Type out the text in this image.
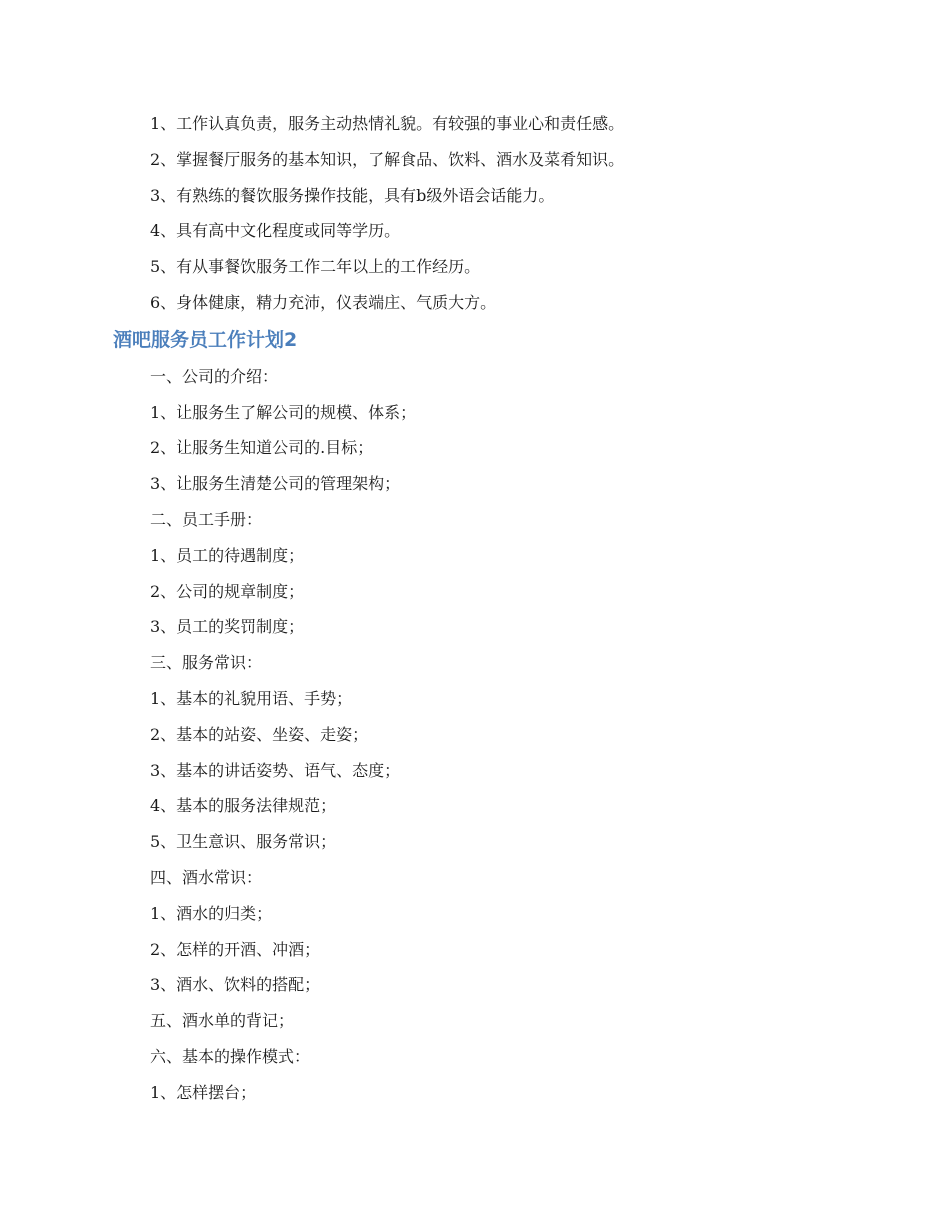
1、工作认真负责，服务主动热情礼貌。有较强的事业心和责任感。
2、掌握餐厅服务的基本知识，了解食品、饮料、酒水及菜肴知识。
3、有熟练的餐饮服务操作技能，具有b级外语会话能力。
4、具有高中文化程度或同等学历。
5、有从事餐饮服务工作二年以上的工作经历。
6、身体健康，精力充沛，仪表端庄、气质大方。
酒吧服务员工作计划2
一、公司的介绍：
1、让服务生了解公司的规模、体系；
2、让服务生知道公司的.目标；
3、让服务生清楚公司的管理架构；
二、员工手册：
1、员工的待遇制度；
2、公司的规章制度；
3、员工的奖罚制度；
三、服务常识：
1、基本的礼貌用语、手势；
2、基本的站姿、坐姿、走姿；
3、基本的讲话姿势、语气、态度；
4、基本的服务法律规范；
5、卫生意识、服务常识；
四、酒水常识：
1、酒水的归类；
2、怎样的开酒、冲酒；
3、酒水、饮料的搭配；
五、酒水单的背记；
六、基本的操作模式：
1、怎样摆台；
